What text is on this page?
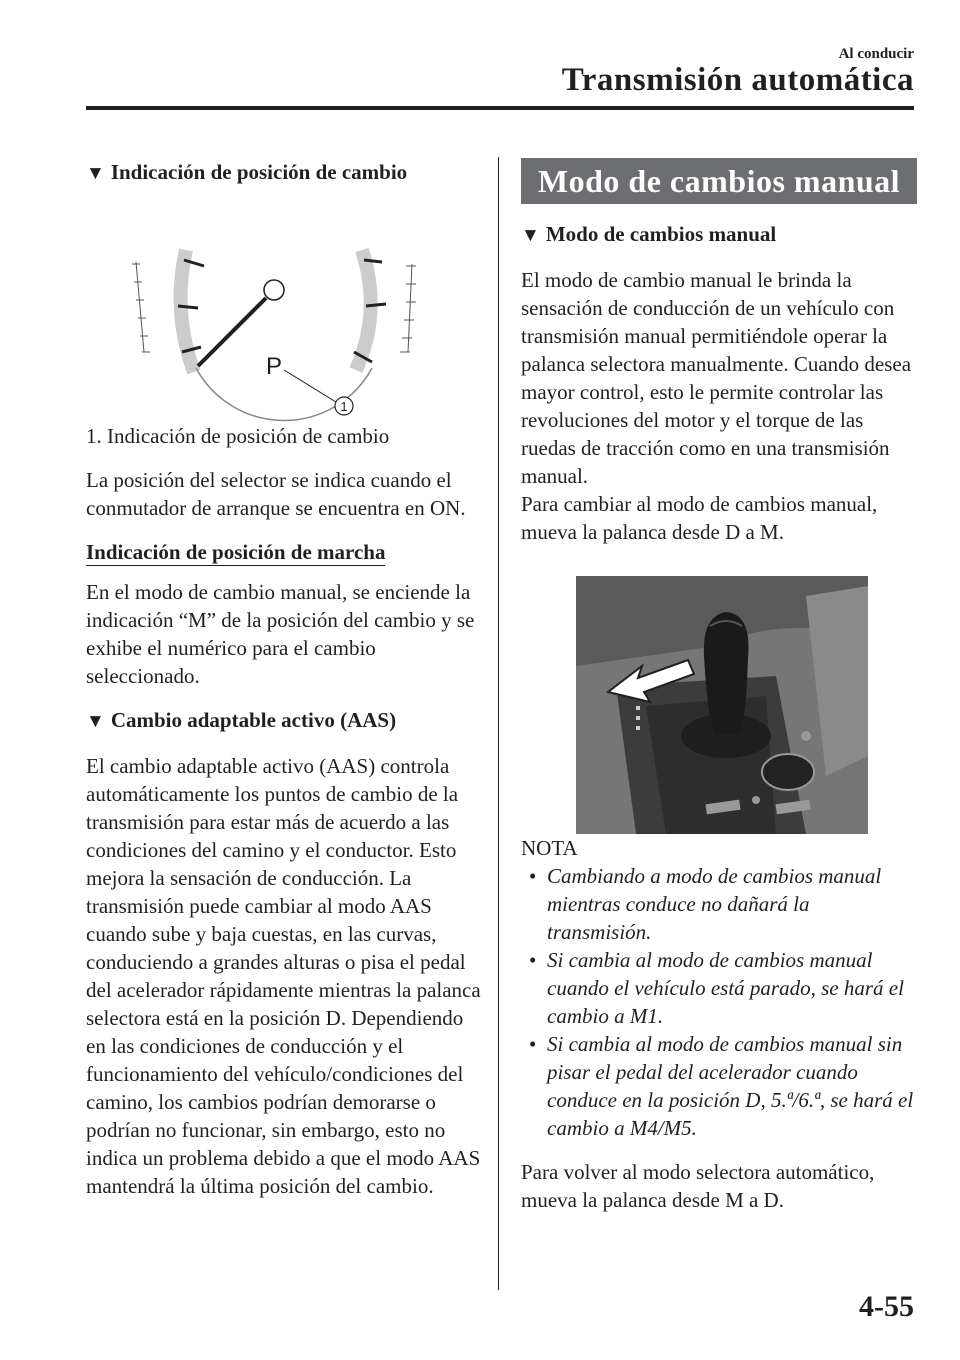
Al conducir
Transmisión automática
▼ Indicación de posición de cambio
P
1

1. Indicación de posición de cambio

La posición del selector se indica cuando el conmutador de arranque se encuentra en ON.

Indicación de posición de marcha

En el modo de cambio manual, se enciende la indicación “M” de la posición del cambio y se exhibe el numérico para el cambio seleccionado.

▼ Cambio adaptable activo (AAS)

El cambio adaptable activo (AAS) controla automáticamente los puntos de cambio de la transmisión para estar más de acuerdo a las condiciones del camino y el conductor. Esto mejora la sensación de conducción. La transmisión puede cambiar al modo AAS cuando sube y baja cuestas, en las curvas, conduciendo a grandes alturas o pisa el pedal del acelerador rápidamente mientras la palanca selectora está en la posición D. Dependiendo en las condiciones de conducción y el funcionamiento del vehículo/condiciones del camino, los cambios podrían demorarse o podrían no funcionar, sin embargo, esto no indica un problema debido a que el modo AAS mantendrá la última posición del cambio.

Modo de cambios manual
▼ Modo de cambios manual

El modo de cambio manual le brinda la sensación de conducción de un vehículo con transmisión manual permitiéndole operar la palanca selectora manualmente. Cuando desea mayor control, esto le permite controlar las revoluciones del motor y el torque de las ruedas de tracción como en una transmisión manual.

Para cambiar al modo de cambios manual, mueva la palanca desde D a M.

NOTA

• Cambiando a modo de cambios manual mientras conduce no dañará la transmisión.
• Si cambia al modo de cambios manual cuando el vehículo está parado, se hará el cambio a M1.
• Si cambia al modo de cambios manual sin pisar el pedal del acelerador cuando conduce en la posición D, 5.ª/6.ª, se hará el cambio a M4/M5.

Para volver al modo selectora automático, mueva la palanca desde M a D.

4-55
